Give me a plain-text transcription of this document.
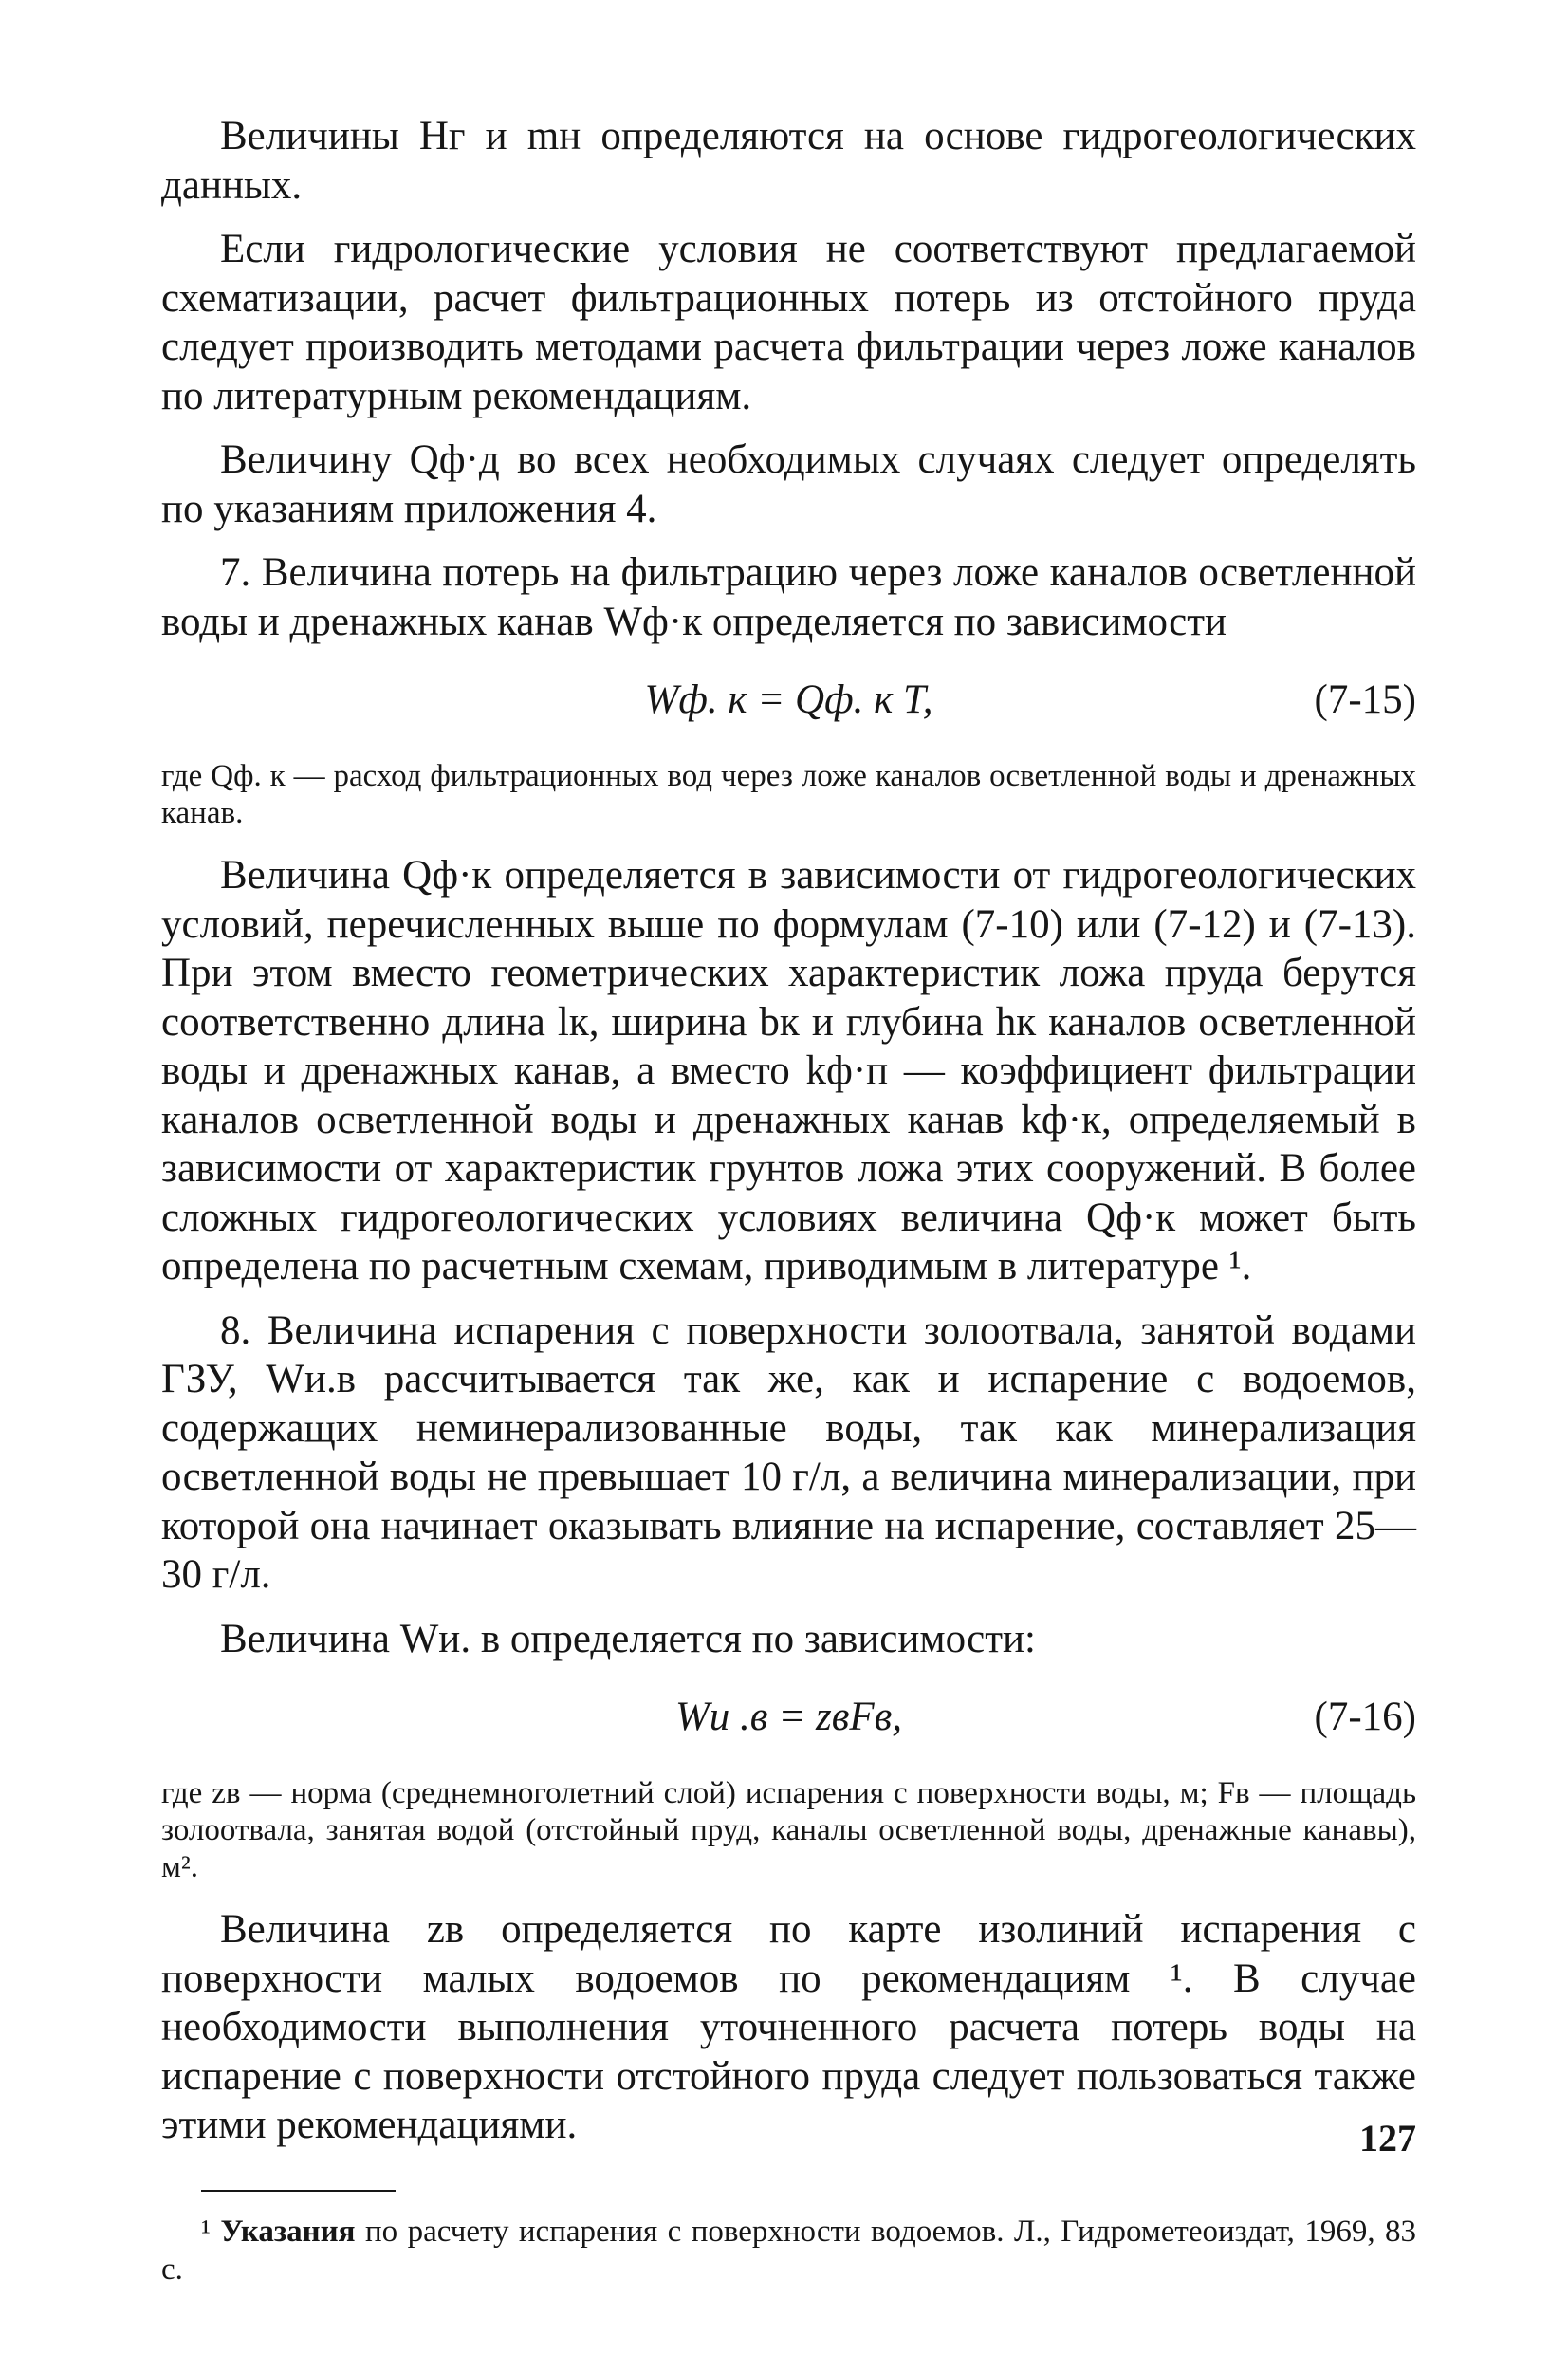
Величины Hг и mн определяются на основе гидрогеологических данных.

Если гидрологические условия не соответствуют предлагаемой схематизации, расчет фильтрационных потерь из отстойного пруда следует производить методами расчета фильтрации через ложе каналов по литературным рекомендациям.

Величину Qф·д во всех необходимых случаях следует определять по указаниям приложения 4.

7. Величина потерь на фильтрацию через ложе каналов осветленной воды и дренажных канав Wф·к определяется по зависимости

Wф. к = Qф. к T,	(7-15)

где Qф. к — расход фильтрационных вод через ложе каналов осветленной воды и дренажных канав.

Величина Qф·к определяется в зависимости от гидрогеологических условий, перечисленных выше по формулам (7-10) или (7-12) и (7-13). При этом вместо геометрических характеристик ложа пруда берутся соответственно длина lк, ширина bк и глубина hк каналов осветленной воды и дренажных канав, а вместо kф·п — коэффициент фильтрации каналов осветленной воды и дренажных канав kф·к, определяемый в зависимости от характеристик грунтов ложа этих сооружений. В более сложных гидрогеологических условиях величина Qф·к может быть определена по расчетным схемам, приводимым в литературе ¹.

8. Величина испарения с поверхности золоотвала, занятой водами ГЗУ, Wи.в рассчитывается так же, как и испарение с водоемов, содержащих неминерализованные воды, так как минерализация осветленной воды не превышает 10 г/л, а величина минерализации, при которой она начинает оказывать влияние на испарение, составляет 25—30 г/л.

Величина Wи. в определяется по зависимости:

Wи .в = zвFв,	(7-16)

где zв — норма (среднемноголетний слой) испарения с поверхности воды, м; Fв — площадь золоотвала, занятая водой (отстойный пруд, каналы осветленной воды, дренажные канавы), м².

Величина zв определяется по карте изолиний испарения с поверхности малых водоемов по рекомендациям ¹. В случае необходимости выполнения уточненного расчета потерь воды на испарение с поверхности отстойного пруда следует пользоваться также этими рекомендациями.

¹ Указания по расчету испарения с поверхности водоемов. Л., Гидрометеоиздат, 1969, 83 с.

127
